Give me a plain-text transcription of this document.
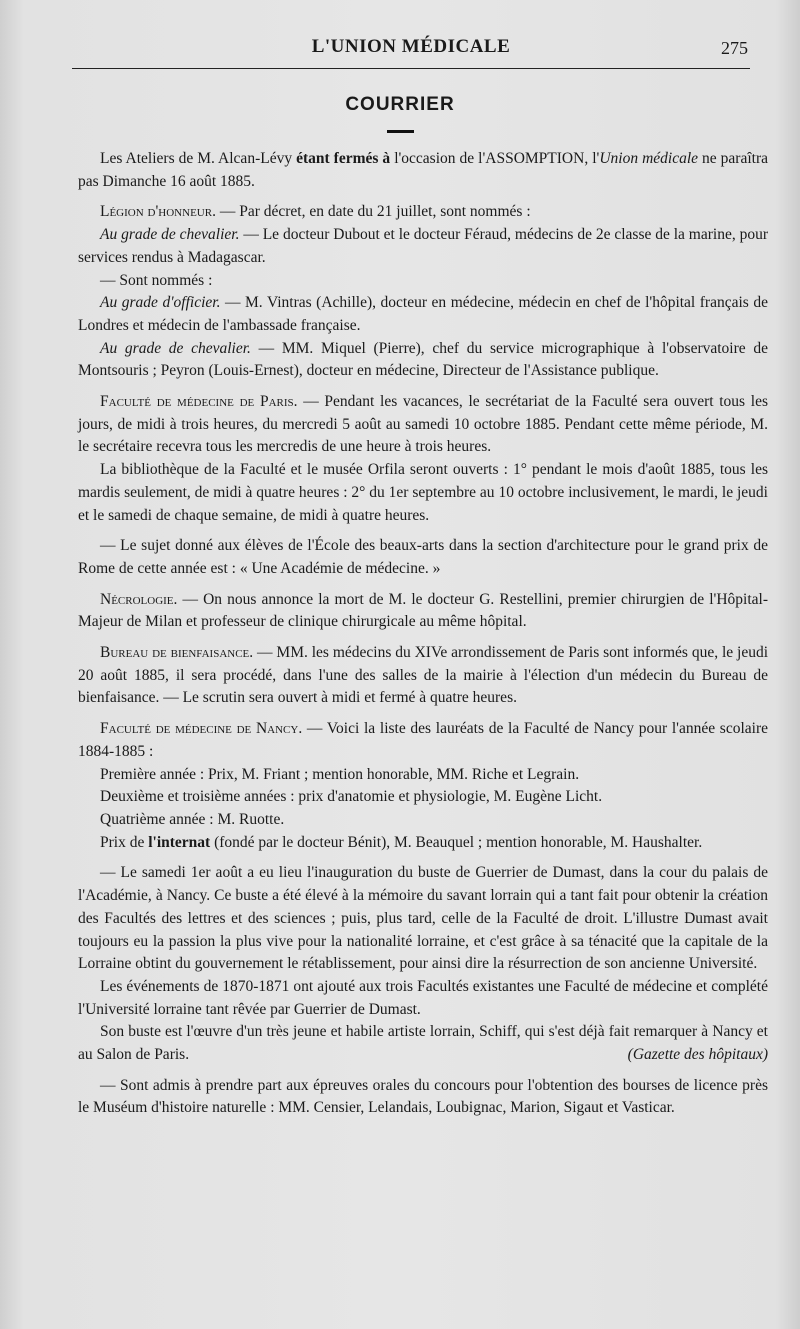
L'UNION MÉDICALE	275
COURRIER

Les Ateliers de M. Alcan-Lévy étant fermés à l'occasion de l'ASSOMPTION, l'Union médicale ne paraîtra pas Dimanche 16 août 1885.

Légion d'honneur. — Par décret, en date du 21 juillet, sont nommés :

Au grade de chevalier. — Le docteur Dubout et le docteur Féraud, médecins de 2e classe de la marine, pour services rendus à Madagascar.

— Sont nommés :

Au grade d'officier. — M. Vintras (Achille), docteur en médecine, médecin en chef de l'hôpital français de Londres et médecin de l'ambassade française.

Au grade de chevalier. — MM. Miquel (Pierre), chef du service micrographique à l'observatoire de Montsouris ; Peyron (Louis-Ernest), docteur en médecine, Directeur de l'Assistance publique.

Faculté de médecine de Paris. — Pendant les vacances, le secrétariat de la Faculté sera ouvert tous les jours, de midi à trois heures, du mercredi 5 août au samedi 10 octobre 1885. Pendant cette même période, M. le secrétaire recevra tous les mercredis de une heure à trois heures.

La bibliothèque de la Faculté et le musée Orfila seront ouverts : 1° pendant le mois d'août 1885, tous les mardis seulement, de midi à quatre heures : 2° du 1er septembre au 10 octobre inclusivement, le mardi, le jeudi et le samedi de chaque semaine, de midi à quatre heures.

— Le sujet donné aux élèves de l'École des beaux-arts dans la section d'architecture pour le grand prix de Rome de cette année est : « Une Académie de médecine. »

Nécrologie. — On nous annonce la mort de M. le docteur G. Restellini, premier chirurgien de l'Hôpital-Majeur de Milan et professeur de clinique chirurgicale au même hôpital.

Bureau de bienfaisance. — MM. les médecins du XIVe arrondissement de Paris sont informés que, le jeudi 20 août 1885, il sera procédé, dans l'une des salles de la mairie à l'élection d'un médecin du Bureau de bienfaisance. — Le scrutin sera ouvert à midi et fermé à quatre heures.

Faculté de médecine de Nancy. — Voici la liste des lauréats de la Faculté de Nancy pour l'année scolaire 1884-1885 :

Première année : Prix, M. Friant ; mention honorable, MM. Riche et Legrain.

Deuxième et troisième années : prix d'anatomie et physiologie, M. Eugène Licht.

Quatrième année : M. Ruotte.

Prix de l'internat (fondé par le docteur Bénit), M. Beauquel ; mention honorable, M. Haushalter.

— Le samedi 1er août a eu lieu l'inauguration du buste de Guerrier de Dumast, dans la cour du palais de l'Académie, à Nancy. Ce buste a été élevé à la mémoire du savant lorrain qui a tant fait pour obtenir la création des Facultés des lettres et des sciences ; puis, plus tard, celle de la Faculté de droit. L'illustre Dumast avait toujours eu la passion la plus vive pour la nationalité lorraine, et c'est grâce à sa ténacité que la capitale de la Lorraine obtint du gouvernement le rétablissement, pour ainsi dire la résurrection de son ancienne Université.

Les événements de 1870-1871 ont ajouté aux trois Facultés existantes une Faculté de médecine et complété l'Université lorraine tant rêvée par Guerrier de Dumast.

Son buste est l'œuvre d'un très jeune et habile artiste lorrain, Schiff, qui s'est déjà fait remarquer à Nancy et au Salon de Paris.	(Gazette des hôpitaux)

— Sont admis à prendre part aux épreuves orales du concours pour l'obtention des bourses de licence près le Muséum d'histoire naturelle : MM. Censier, Lelandais, Loubignac, Marion, Sigaut et Vasticar.
